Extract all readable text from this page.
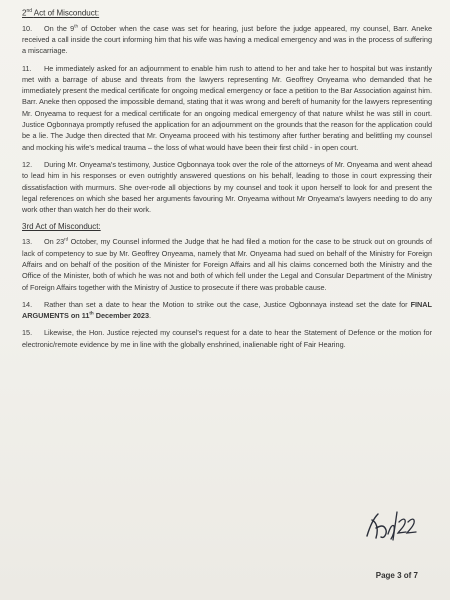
2nd Act of Misconduct:

10. On the 9th of October when the case was set for hearing, just before the judge appeared, my counsel, Barr. Aneke received a call inside the court informing him that his wife was having a medical emergency and was in the process of suffering a miscarriage.

11. He immediately asked for an adjournment to enable him rush to attend to her and take her to hospital but was instantly met with a barrage of abuse and threats from the lawyers representing Mr. Geoffrey Onyeama who demanded that he immediately present the medical certificate for ongoing medical emergency or face a petition to the Bar Association against him. Barr. Aneke then opposed the impossible demand, stating that it was wrong and bereft of humanity for the lawyers representing Mr. Onyeama to request for a medical certificate for an ongoing medical emergency of that nature whilst he was still in court. Justice Ogbonnaya promptly refused the application for an adjournment on the grounds that the reason for the application could be a lie. The Judge then directed that Mr. Onyeama proceed with his testimony after further berating and belittling my counsel and mocking his wife's medical trauma – the loss of what would have been their first child - in open court.

12. During Mr. Onyeama's testimony, Justice Ogbonnaya took over the role of the attorneys of Mr. Onyeama and went ahead to lead him in his responses or even outrightly answered questions on his behalf, leading to those in court expressing their dissatisfaction with murmurs. She over-rode all objections by my counsel and took it upon herself to look for and present the legal references on which she based her arguments favouring Mr. Onyeama without Mr Onyeama's lawyers needing to do any work other than watch her do their work.

3rd Act of Misconduct:

13. On 23rd October, my Counsel informed the Judge that he had filed a motion for the case to be struck out on grounds of lack of competency to sue by Mr. Geoffrey Onyeama, namely that Mr. Onyeama had sued on behalf of the Ministry for Foreign Affairs and on behalf of the position of the Minister for Foreign Affairs and all his claims concerned both the Ministry and the Office of the Minister, both of which he was not and both of which fell under the Legal and Consular Department of the Ministry of Foreign Affairs together with the Ministry of Justice to prosecute if there was probable cause.

14. Rather than set a date to hear the Motion to strike out the case, Justice Ogbonnaya instead set the date for FINAL ARGUMENTS on 11th December 2023.

15. Likewise, the Hon. Justice rejected my counsel's request for a date to hear the Statement of Defence or the motion for electronic/remote evidence by me in line with the globally enshrined, inalienable right of Fair Hearing.

Page 3 of 7
